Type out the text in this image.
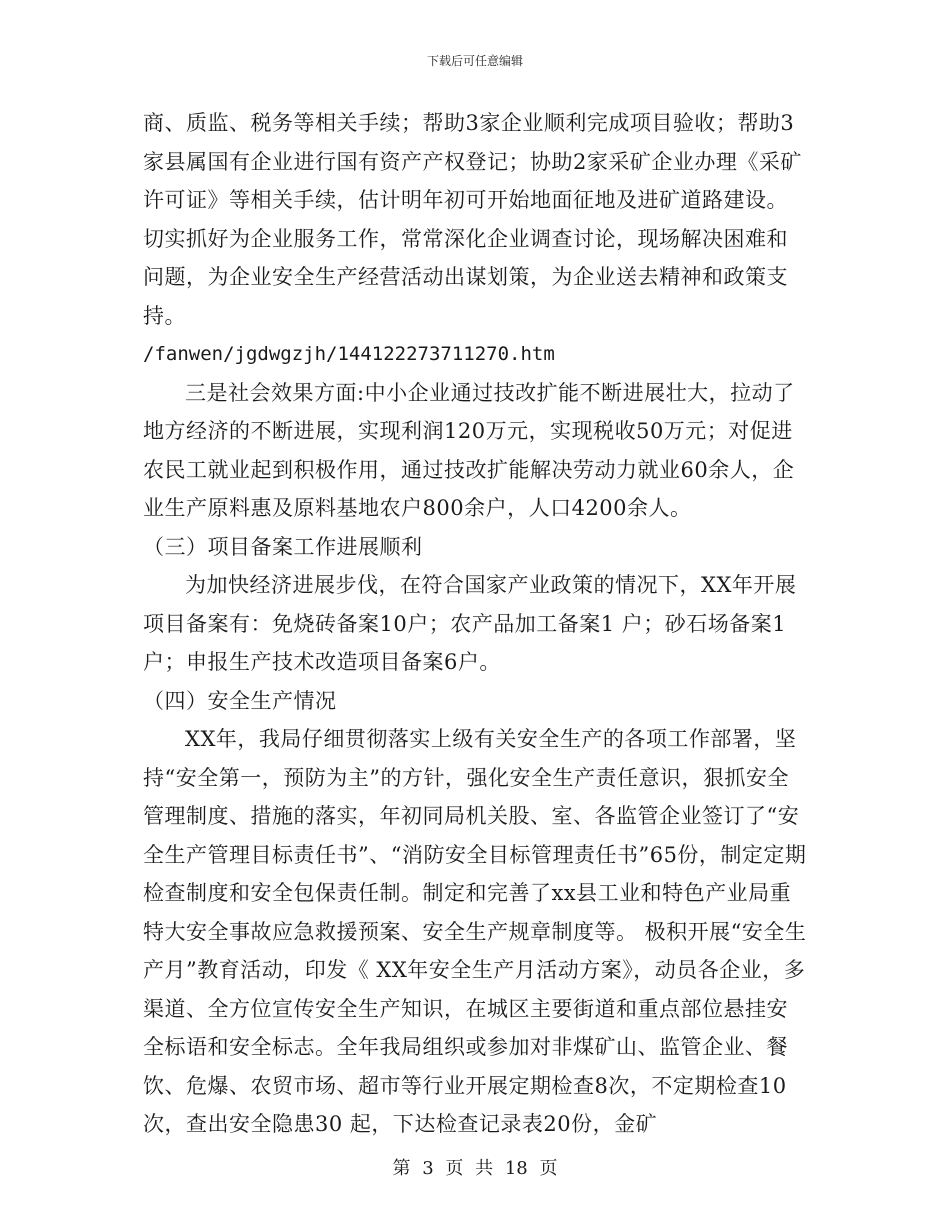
下载后可任意编辑

商、质监、税务等相关手续；帮助3家企业顺利完成项目验收；帮助3家县属国有企业进行国有资产产权登记；协助2家采矿企业办理《采矿许可证》等相关手续，估计明年初可开始地面征地及进矿道路建设。切实抓好为企业服务工作，常常深化企业调查讨论，现场解决困难和问题，为企业安全生产经营活动出谋划策，为企业送去精神和政策支持。

/fanwen/jgdwgzjh/144122273711270.htm

三是社会效果方面:中小企业通过技改扩能不断进展壮大，拉动了地方经济的不断进展，实现利润120万元，实现税收50万元；对促进农民工就业起到积极作用，通过技改扩能解决劳动力就业60余人，企业生产原料惠及原料基地农户800余户，人口4200余人。

（三）项目备案工作进展顺利

为加快经济进展步伐，在符合国家产业政策的情况下，XX年开展项目备案有：免烧砖备案10户；农产品加工备案1 户；砂石场备案1户；申报生产技术改造项目备案6户。

（四）安全生产情况

XX年，我局仔细贯彻落实上级有关安全生产的各项工作部署，坚持“安全第一，预防为主”的方针，强化安全生产责任意识，狠抓安全管理制度、措施的落实，年初同局机关股、室、各监管企业签订了“安全生产管理目标责任书”、“消防安全目标管理责任书”65份，制定定期检查制度和安全包保责任制。制定和完善了xx县工业和特色产业局重特大安全事故应急救援预案、安全生产规章制度等。 极积开展“安全生产月”教育活动，印发《 XX年安全生产月活动方案》，动员各企业，多渠道、全方位宣传安全生产知识，在城区主要街道和重点部位悬挂安全标语和安全标志。全年我局组织或参加对非煤矿山、监管企业、餐饮、危爆、农贸市场、超市等行业开展定期检查8次，不定期检查10次，查出安全隐患30 起，下达检查记录表20份，金矿

第 3 页 共 18 页
